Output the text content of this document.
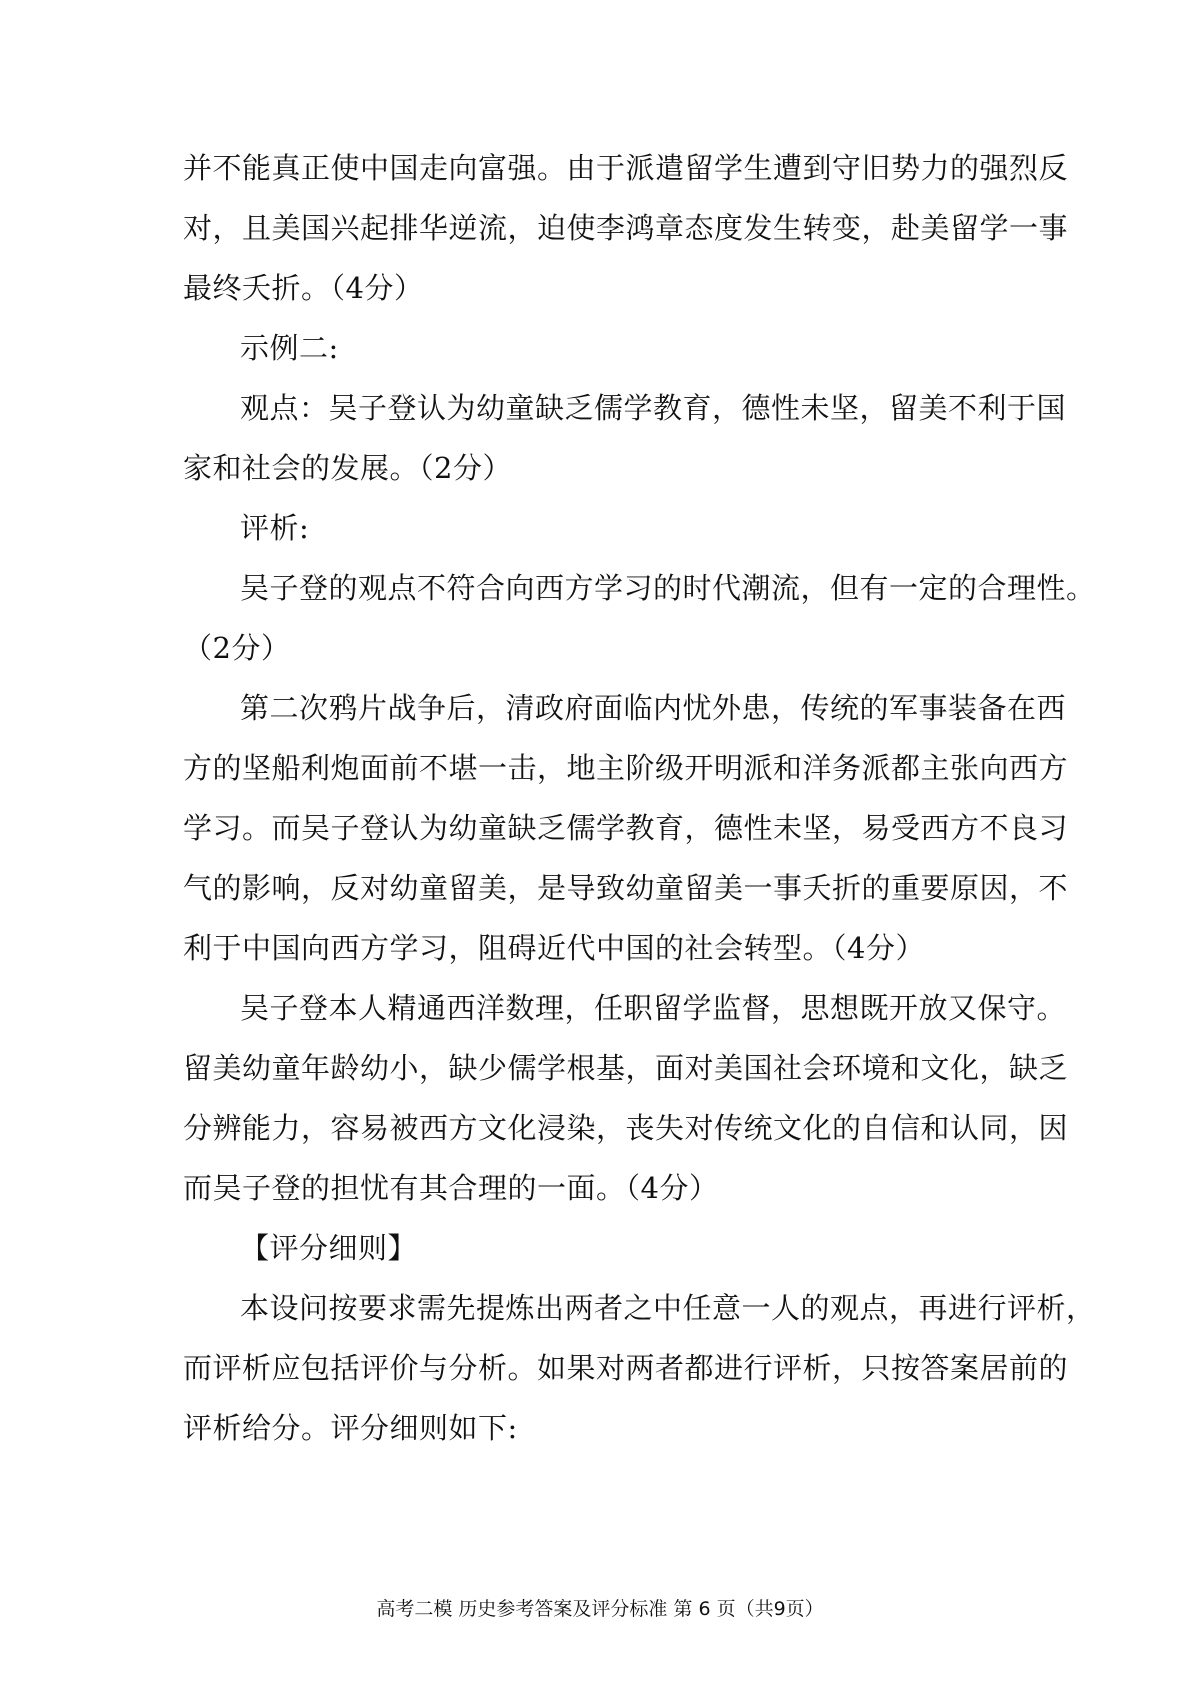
并不能真正使中国走向富强。由于派遣留学生遭到守旧势力的强烈反
对，且美国兴起排华逆流，迫使李鸿章态度发生转变，赴美留学一事
最终夭折。（4分）
示例二:
观点：吴子登认为幼童缺乏儒学教育，德性未坚，留美不利于国
家和社会的发展。（2分）
评析:
吴子登的观点不符合向西方学习的时代潮流，但有一定的合理性。
（2分）
第二次鸦片战争后，清政府面临内忧外患，传统的军事装备在西
方的坚船利炮面前不堪一击，地主阶级开明派和洋务派都主张向西方
学习。而吴子登认为幼童缺乏儒学教育，德性未坚，易受西方不良习
气的影响，反对幼童留美，是导致幼童留美一事夭折的重要原因，不
利于中国向西方学习，阻碍近代中国的社会转型。（4分）
吴子登本人精通西洋数理，任职留学监督，思想既开放又保守。
留美幼童年龄幼小，缺少儒学根基，面对美国社会环境和文化，缺乏
分辨能力，容易被西方文化浸染，丧失对传统文化的自信和认同，因
而吴子登的担忧有其合理的一面。（4分）
【评分细则】
本设问按要求需先提炼出两者之中任意一人的观点，再进行评析，
而评析应包括评价与分析。如果对两者都进行评析，只按答案居前的
评析给分。评分细则如下:
高考二模 历史参考答案及评分标准 第 6 页（共9页）
